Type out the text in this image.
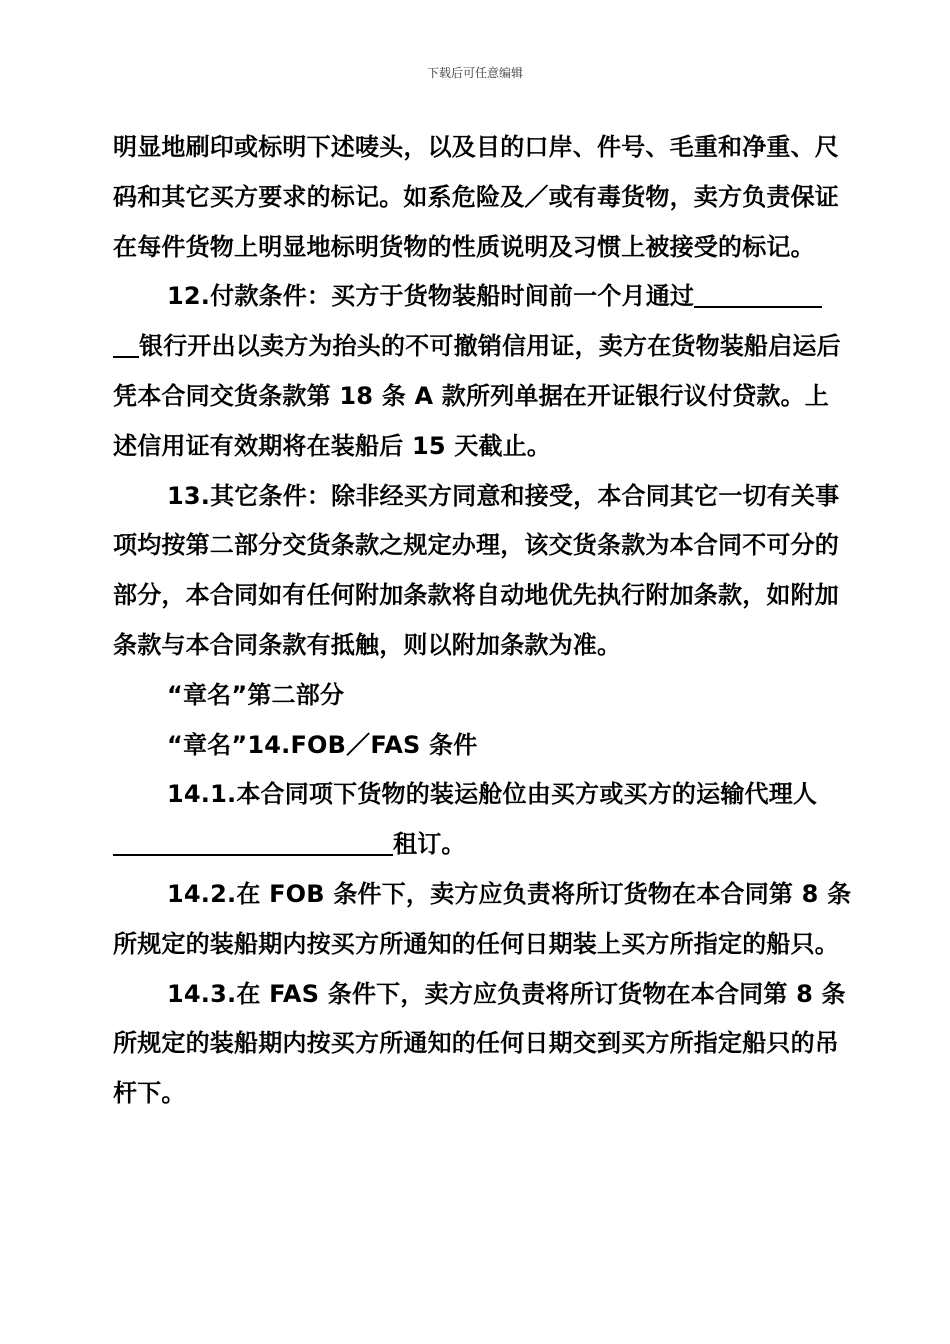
下载后可任意编辑

明显地刷印或标明下述唛头，以及目的口岸、件号、毛重和净重、尺码和其它买方要求的标记。如系危险及／或有毒货物，卖方负责保证在每件货物上明显地标明货物的性质说明及习惯上被接受的标记。

12.付款条件：买方于货物装船时间前一个月通过
银行开出以卖方为抬头的不可撤销信用证，卖方在货物装船启运后凭本合同交货条款第 18 条 A 款所列单据在开证银行议付贷款。上述信用证有效期将在装船后 15 天截止。

13.其它条件：除非经买方同意和接受，本合同其它一切有关事项均按第二部分交货条款之规定办理，该交货条款为本合同不可分的部分，本合同如有任何附加条款将自动地优先执行附加条款，如附加条款与本合同条款有抵触，则以附加条款为准。

“章名”第二部分

“章名”14.FOB／FAS 条件

14.1.本合同项下货物的装运舱位由买方或买方的运输代理人
租订。

14.2.在 FOB 条件下，卖方应负责将所订货物在本合同第 8 条所规定的装船期内按买方所通知的任何日期装上买方所指定的船只。

14.3.在 FAS 条件下，卖方应负责将所订货物在本合同第 8 条所规定的装船期内按买方所通知的任何日期交到买方所指定船只的吊杆下。
